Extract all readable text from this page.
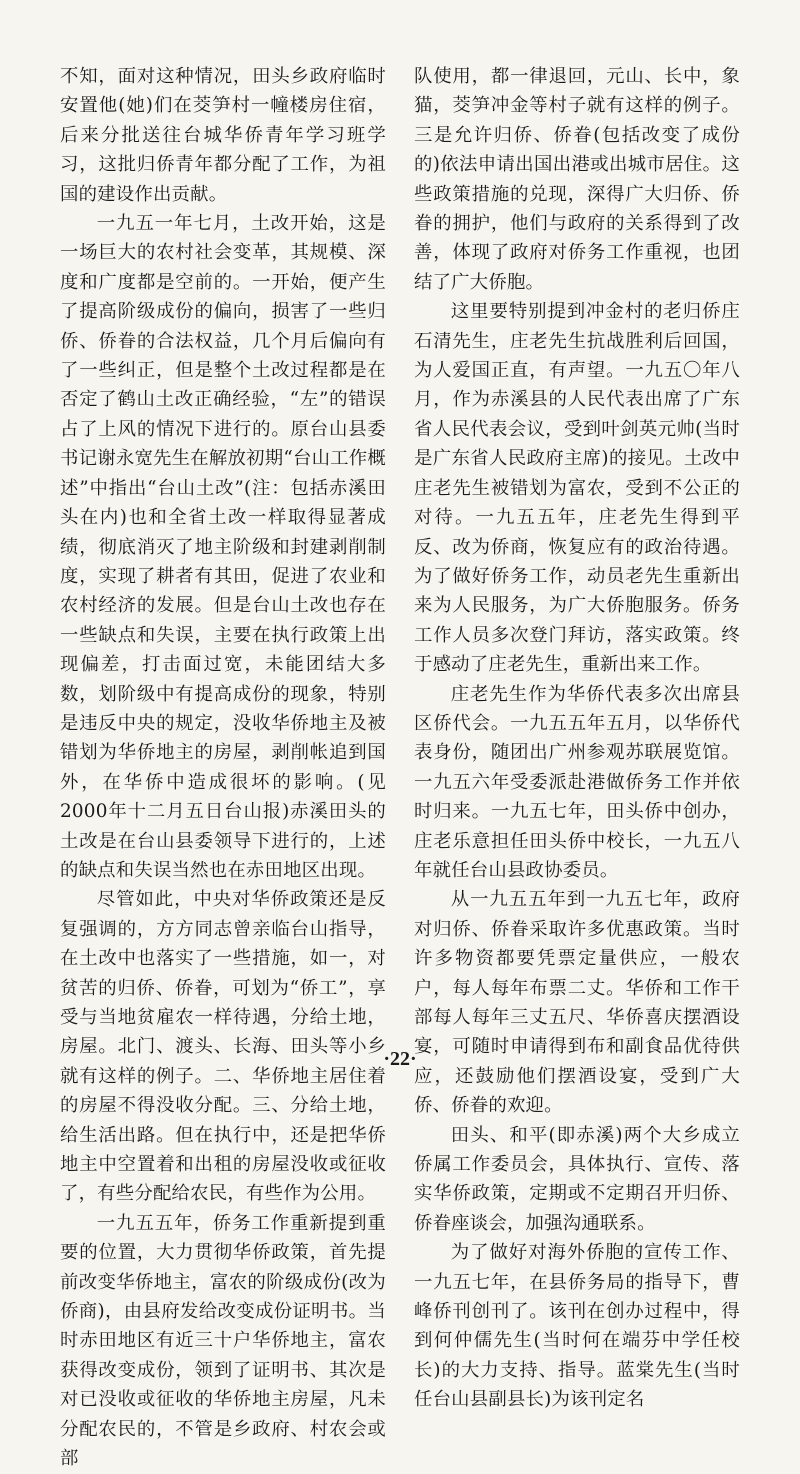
不知，面对这种情况，田头乡政府临时安置他(她)们在茭笋村一幢楼房住宿，后来分批送往台城华侨青年学习班学习，这批归侨青年都分配了工作，为祖国的建设作出贡献。

一九五一年七月，土改开始，这是一场巨大的农村社会变革，其规模、深度和广度都是空前的。一开始，便产生了提高阶级成份的偏向，损害了一些归侨、侨眷的合法权益，几个月后偏向有了一些纠正，但是整个土改过程都是在否定了鹤山土改正确经验，“左”的错误占了上风的情况下进行的。原台山县委书记谢永宽先生在解放初期“台山工作概述”中指出“台山土改”(注：包括赤溪田头在内)也和全省土改一样取得显著成绩，彻底消灭了地主阶级和封建剥削制度，实现了耕者有其田，促进了农业和农村经济的发展。但是台山土改也存在一些缺点和失误，主要在执行政策上出现偏差，打击面过宽，未能团结大多数，划阶级中有提高成份的现象，特别是违反中央的规定，没收华侨地主及被错划为华侨地主的房屋，剥削帐追到国外，在华侨中造成很坏的影响。(见2000年十二月五日台山报)赤溪田头的土改是在台山县委领导下进行的，上述的缺点和失误当然也在赤田地区出现。

尽管如此，中央对华侨政策还是反复强调的，方方同志曾亲临台山指导，在土改中也落实了一些措施，如一，对贫苦的归侨、侨眷，可划为“侨工”，享受与当地贫雇农一样待遇，分给土地，房屋。北门、渡头、长海、田头等小乡就有这样的例子。二、华侨地主居住着的房屋不得没收分配。三、分给土地，给生活出路。但在执行中，还是把华侨地主中空置着和出租的房屋没收或征收了，有些分配给农民，有些作为公用。

一九五五年，侨务工作重新提到重要的位置，大力贯彻华侨政策，首先提前改变华侨地主，富农的阶级成份(改为侨商)，由县府发给改变成份证明书。当时赤田地区有近三十户华侨地主，富农获得改变成份，领到了证明书、其次是对已没收或征收的华侨地主房屋，凡未分配农民的，不管是乡政府、村农会或部

队使用，都一律退回，元山、长中，象猫，茭笋冲金等村子就有这样的例子。三是允许归侨、侨眷(包括改变了成份的)依法申请出国出港或出城市居住。这些政策措施的兑现，深得广大归侨、侨眷的拥护，他们与政府的关系得到了改善，体现了政府对侨务工作重视，也团结了广大侨胞。

这里要特别提到冲金村的老归侨庄石清先生，庄老先生抗战胜利后回国，为人爱国正直，有声望。一九五〇年八月，作为赤溪县的人民代表出席了广东省人民代表会议，受到叶剑英元帅(当时是广东省人民政府主席)的接见。土改中庄老先生被错划为富农，受到不公正的对待。一九五五年，庄老先生得到平反、改为侨商，恢复应有的政治待遇。为了做好侨务工作，动员老先生重新出来为人民服务，为广大侨胞服务。侨务工作人员多次登门拜访，落实政策。终于感动了庄老先生，重新出来工作。

庄老先生作为华侨代表多次出席县区侨代会。一九五五年五月，以华侨代表身份，随团出广州参观苏联展览馆。一九五六年受委派赴港做侨务工作并依时归来。一九五七年，田头侨中创办，庄老乐意担任田头侨中校长，一九五八年就任台山县政协委员。

从一九五五年到一九五七年，政府对归侨、侨眷采取许多优惠政策。当时许多物资都要凭票定量供应，一般农户，每人每年布票二丈。华侨和工作干部每人每年三丈五尺、华侨喜庆摆酒设宴，可随时申请得到布和副食品优待供应，还鼓励他们摆酒设宴，受到广大侨、侨眷的欢迎。

田头、和平(即赤溪)两个大乡成立侨属工作委员会，具体执行、宣传、落实华侨政策，定期或不定期召开归侨、侨眷座谈会，加强沟通联系。

为了做好对海外侨胞的宣传工作、一九五七年，在县侨务局的指导下，曹峰侨刊创刊了。该刊在创办过程中，得到何仲儒先生(当时何在端芬中学任校长)的大力支持、指导。蓝棠先生(当时任台山县副县长)为该刊定名

·22·
